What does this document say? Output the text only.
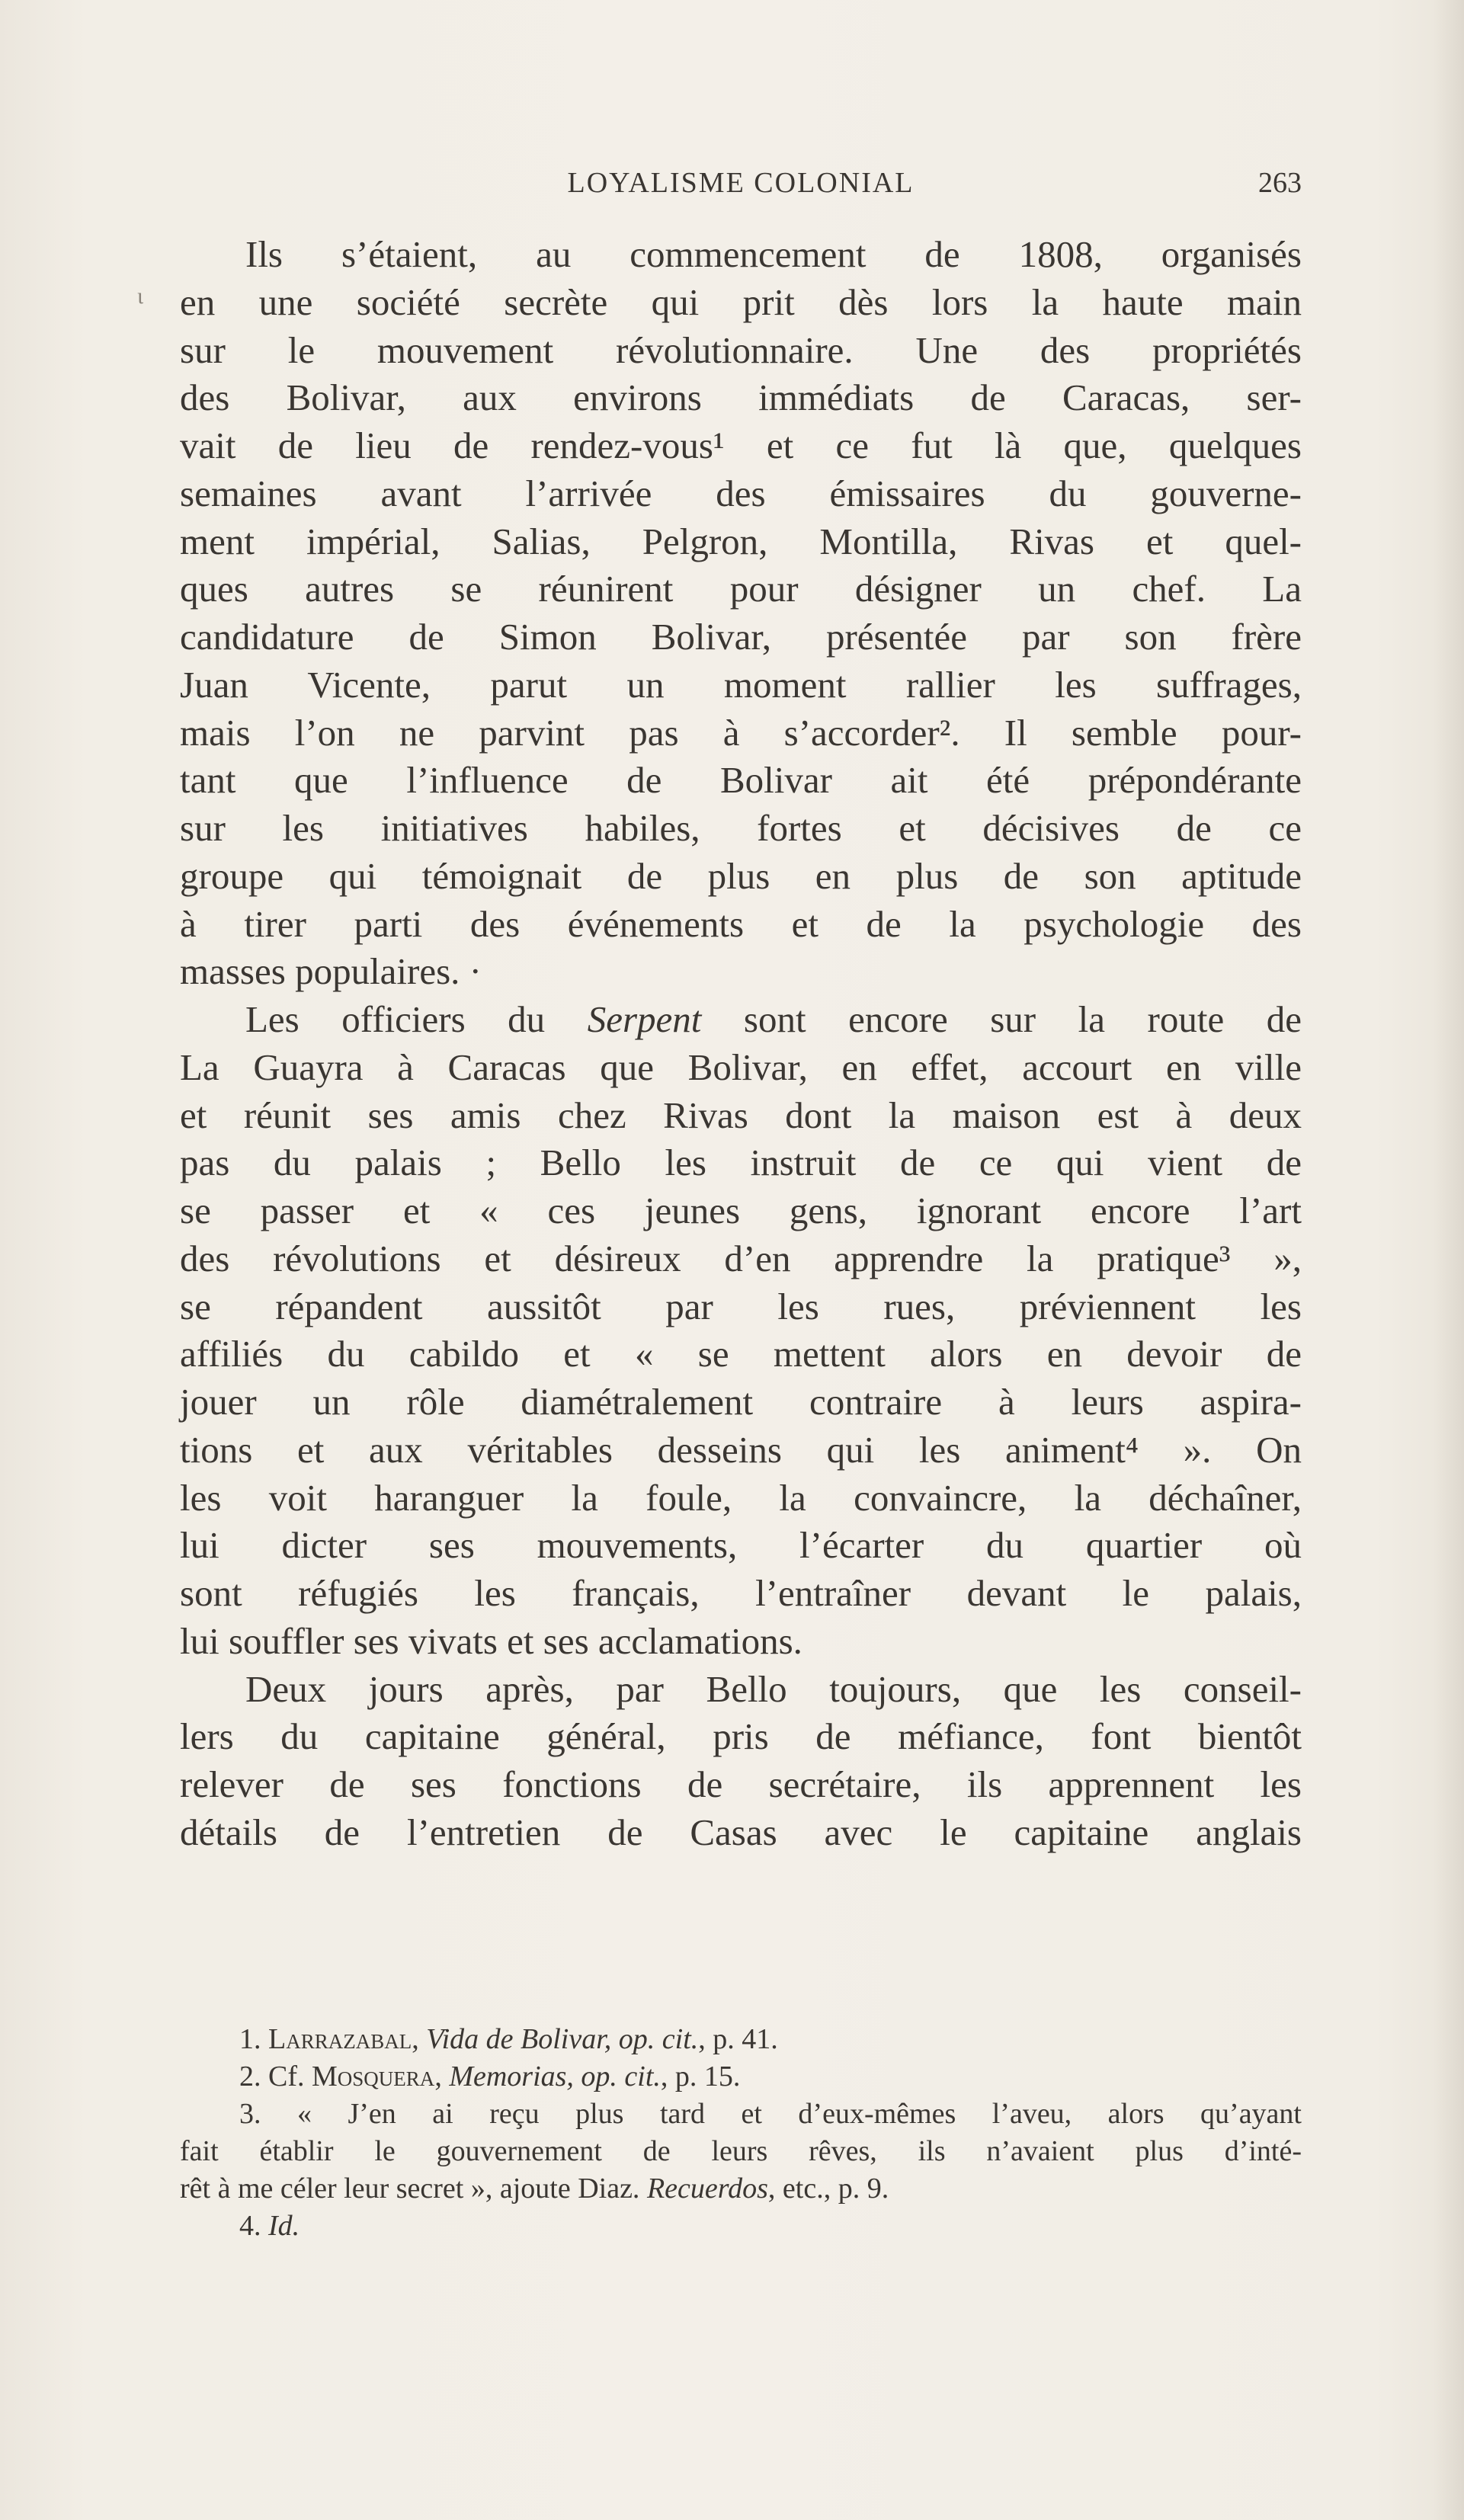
LOYALISME COLONIAL	263
ι
Ils s’étaient, au commencement de 1808, organisés
en une société secrète qui prit dès lors la haute main
sur le mouvement révolutionnaire. Une des propriétés
des Bolivar, aux environs immédiats de Caracas, ser-
vait de lieu de rendez-vous¹ et ce fut là que, quelques
semaines avant l’arrivée des émissaires du gouverne-
ment impérial, Salias, Pelgron, Montilla, Rivas et quel-
ques autres se réunirent pour désigner un chef. La
candidature de Simon Bolivar, présentée par son frère
Juan Vicente, parut un moment rallier les suffrages,
mais l’on ne parvint pas à s’accorder². Il semble pour-
tant que l’influence de Bolivar ait été prépondérante
sur les initiatives habiles, fortes et décisives de ce
groupe qui témoignait de plus en plus de son aptitude
à tirer parti des événements et de la psychologie des
masses populaires. ·
Les officiers du Serpent sont encore sur la route de
La Guayra à Caracas que Bolivar, en effet, accourt en ville
et réunit ses amis chez Rivas dont la maison est à deux
pas du palais ; Bello les instruit de ce qui vient de
se passer et « ces jeunes gens, ignorant encore l’art
des révolutions et désireux d’en apprendre la pratique³ »,
se répandent aussitôt par les rues, préviennent les
affiliés du cabildo et « se mettent alors en devoir de
jouer un rôle diamétralement contraire à leurs aspira-
tions et aux véritables desseins qui les animent⁴ ». On
les voit haranguer la foule, la convaincre, la déchaîner,
lui dicter ses mouvements, l’écarter du quartier où
sont réfugiés les français, l’entraîner devant le palais,
lui souffler ses vivats et ses acclamations.
Deux jours après, par Bello toujours, que les conseil-
lers du capitaine général, pris de méfiance, font bientôt
relever de ses fonctions de secrétaire, ils apprennent les
détails de l’entretien de Casas avec le capitaine anglais
1. Larrazabal, Vida de Bolivar, op. cit., p. 41.
2. Cf. Mosquera, Memorias, op. cit., p. 15.
3. « J’en ai reçu plus tard et d’eux-mêmes l’aveu, alors qu’ayant
fait établir le gouvernement de leurs rêves, ils n’avaient plus d’inté-
rêt à me céler leur secret », ajoute Diaz. Recuerdos, etc., p. 9.
4. Id.
